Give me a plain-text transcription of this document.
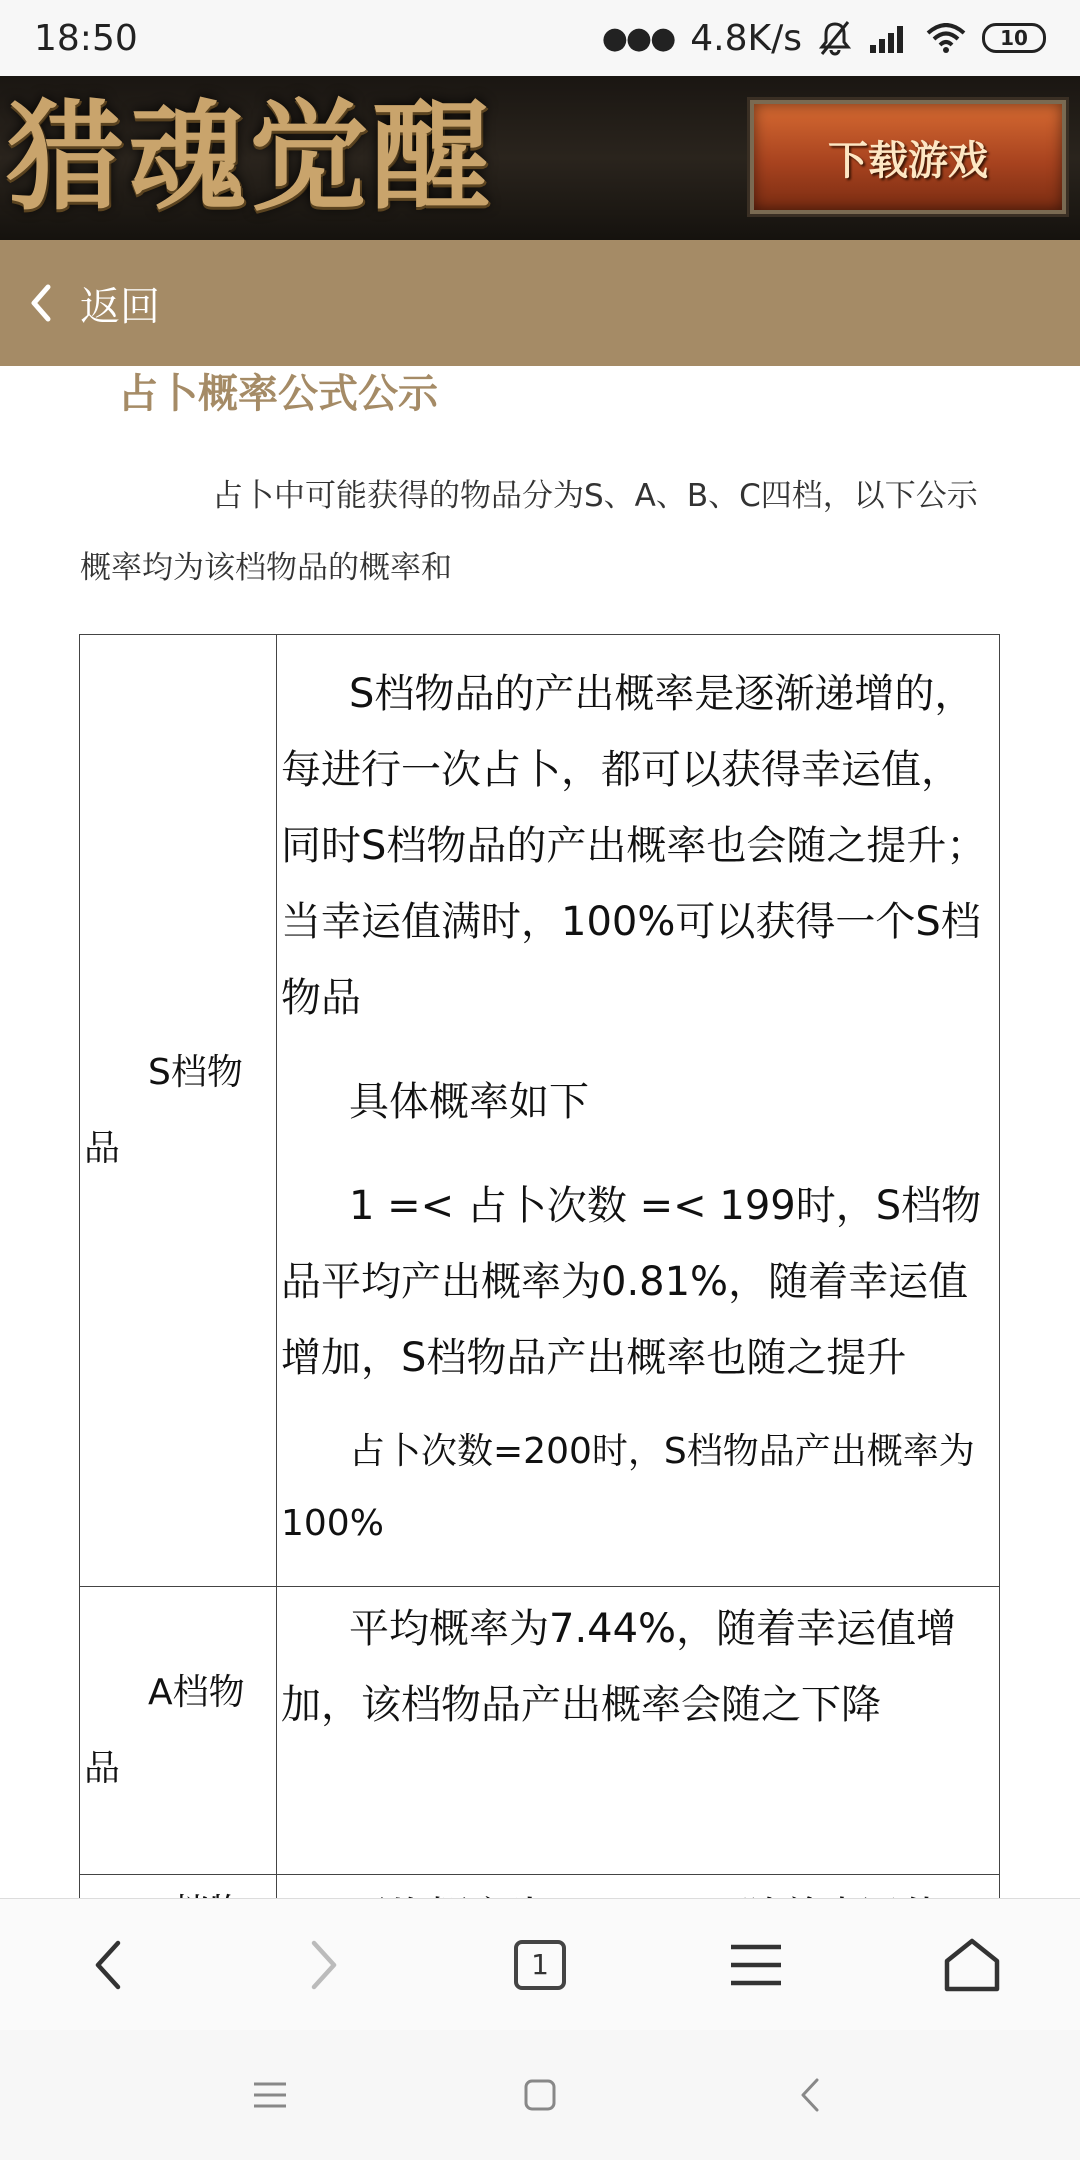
18:50	●●● 4.8K/s	10
猎魂觉醒	下载游戏
返回
占卜概率公式公示

占卜中可能获得的物品分为S、A、B、C四档，以下公示概率均为该档物品的概率和

S档物品	S档物品的产出概率是逐渐递增的，每进行一次占卜，都可以获得幸运值，同时S档物品的产出概率也会随之提升；当幸运值满时，100%可以获得一个S档物品

具体概率如下

1 =< 占卜次数 =< 199时，S档物品平均产出概率为0.81%，随着幸运值增加，S档物品产出概率也随之提升

占卜次数=200时，S档物品产出概率为100%

A档物品	平均概率为7.44%，随着幸运值增加，该档物品产出概率会随之下降

1
